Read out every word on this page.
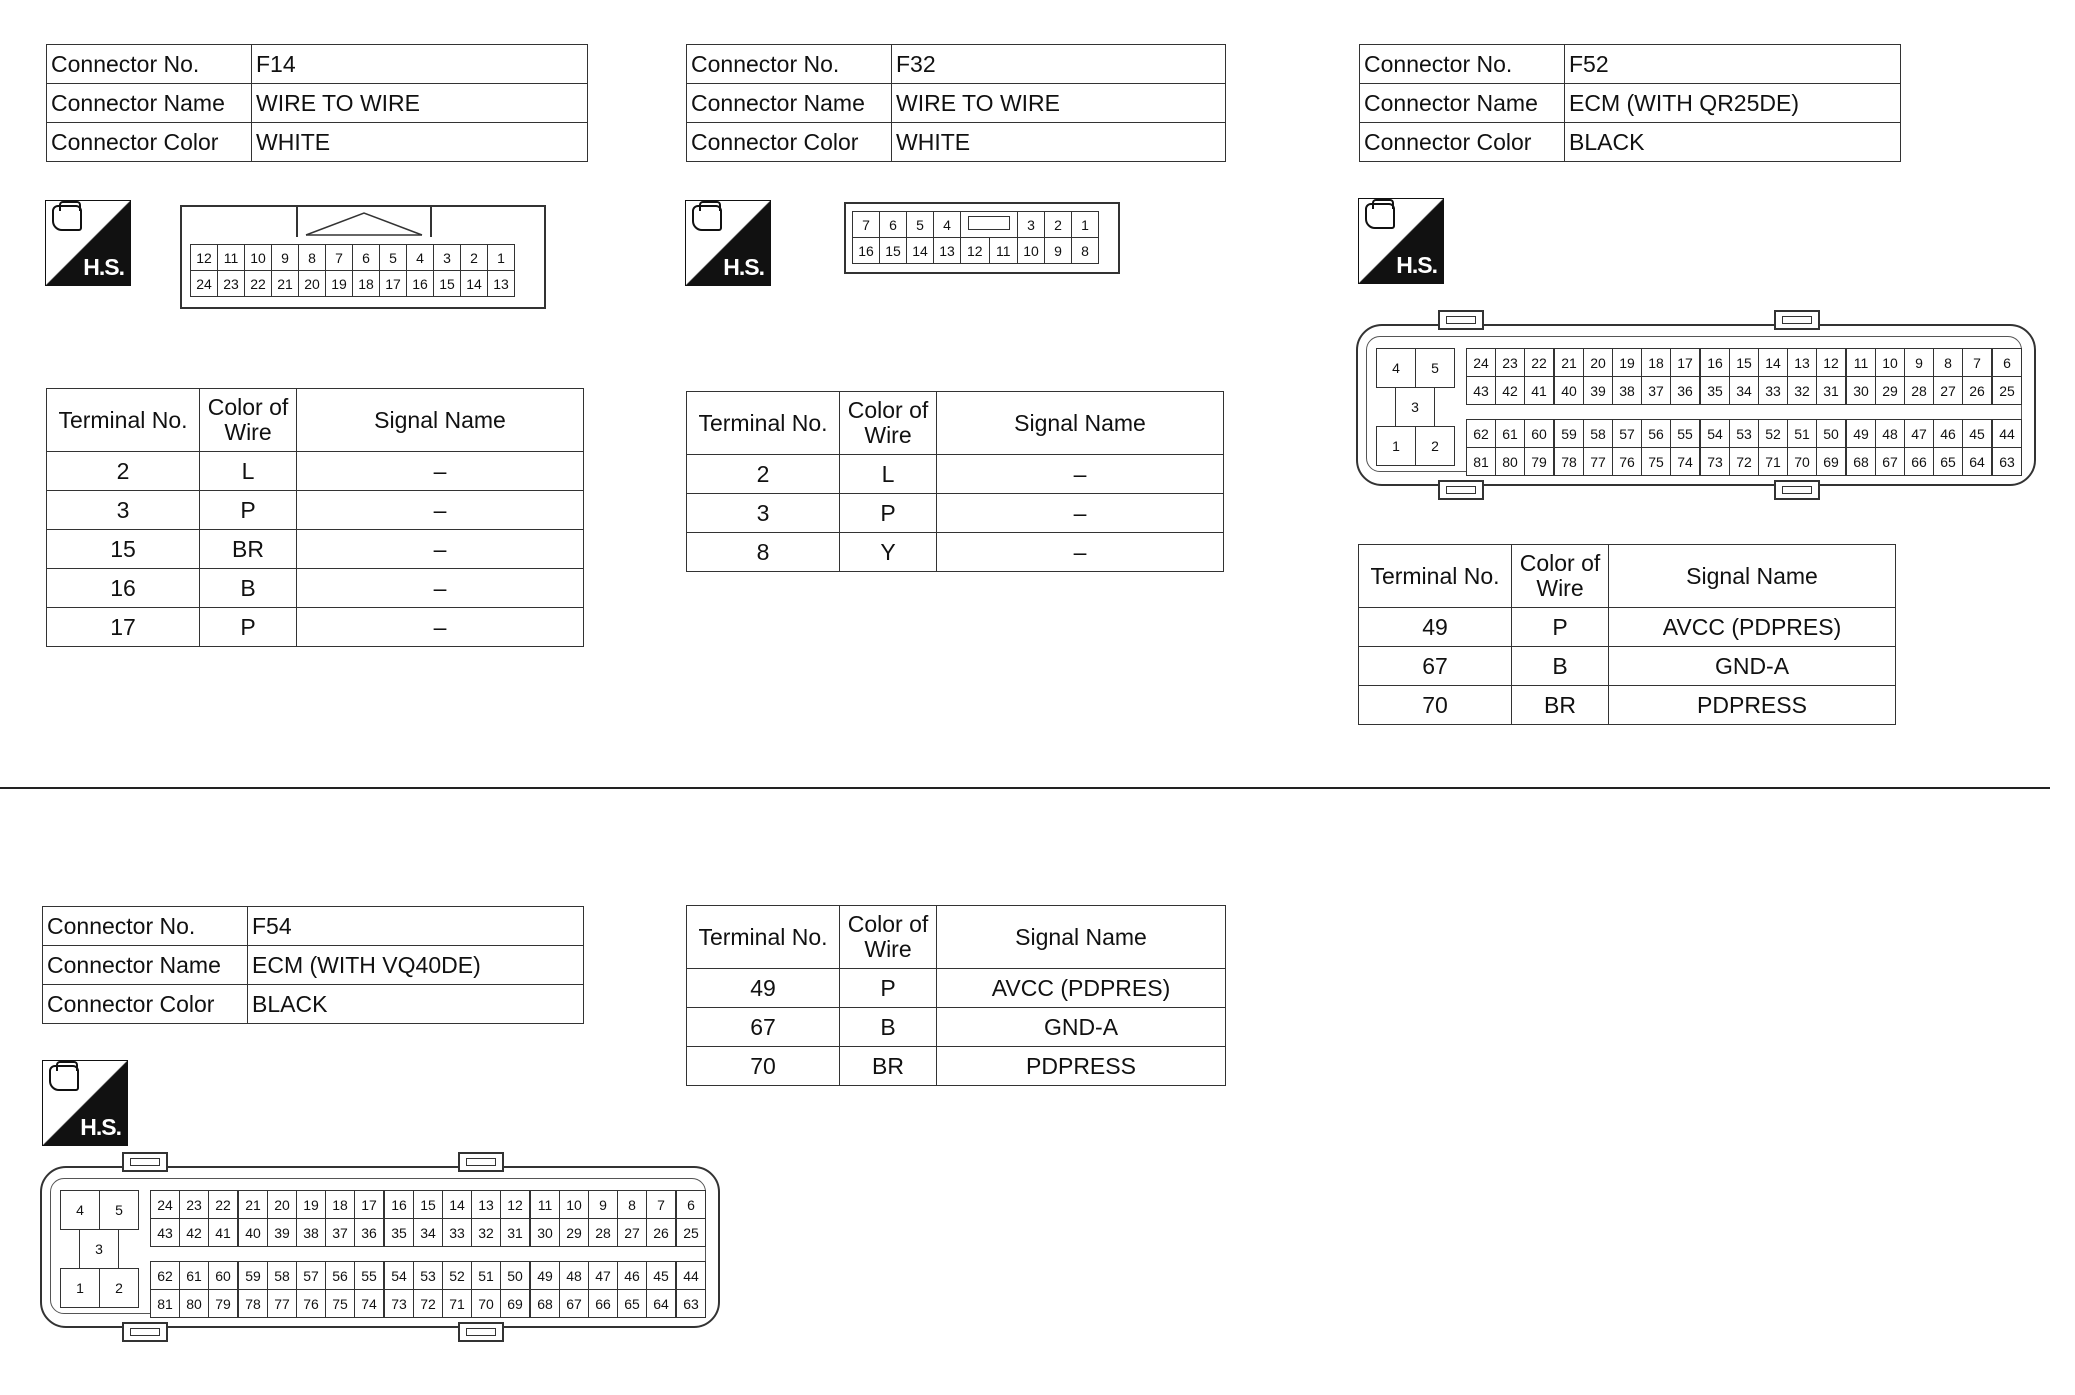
Connector No.	F14
Connector Name	WIRE TO WIRE
Connector Color	WHITE
H.S.	12	11	10	9	8	7	6	5	4	3	2	1
24	23	22	21	20	19	18	17	16	15	14	13
Terminal No.	Color of Wire	Signal Name
2	L	–
3	P	–
15	BR	–
16	B	–
17	P	–
Connector No.	F32
Connector Name	WIRE TO WIRE
Connector Color	WHITE
H.S.
7	6	5	4			3	2	1
16	15	14	13	12	11	10	9	8
Terminal No.	Color of Wire	Signal Name
2	L	–
3	P	–
8	Y	–
Connector No.	F52
Connector Name	ECM (WITH QR25DE)
Connector Color	BLACK
H.S.
4	5
3
1	2
24 23 22	21 20 19 18 17	16 15 14 13 12	11 10	9	8	7	6
43 42 41	40 39 38 37 36	35 34 33 32 31	30 29 28 27 26	25
62 61 60	59 58 57 56 55	54 53 52 51 50	49 48 47 46 45	44
81 80 79	78 77 76 75 74	73 72 71 70 69	68 67 66 65 64	63
Terminal No.	Color of Wire	Signal Name
49	P	AVCC (PDPRES)
67	B	GND-A
70	BR	PDPRESS
Connector No.	F54
Connector Name	ECM (WITH VQ40DE)
Connector Color	BLACK
H.S.
4	5
3
1	2
24 23 22	21 20 19 18 17	16 15 14 13 12	11 10	9	8	7	6
43 42 41	40 39 38 37 36	35 34 33 32 31	30 29 28 27 26	25
62 61 60	59 58 57 56 55	54 53 52 51 50	49 48 47 46 45	44
81 80 79	78 77 76 75 74	73 72 71 70 69	68 67 66 65 64	63
Terminal No.	Color of Wire	Signal Name
49	P	AVCC (PDPRES)
67	B	GND-A
70	BR	PDPRESS
